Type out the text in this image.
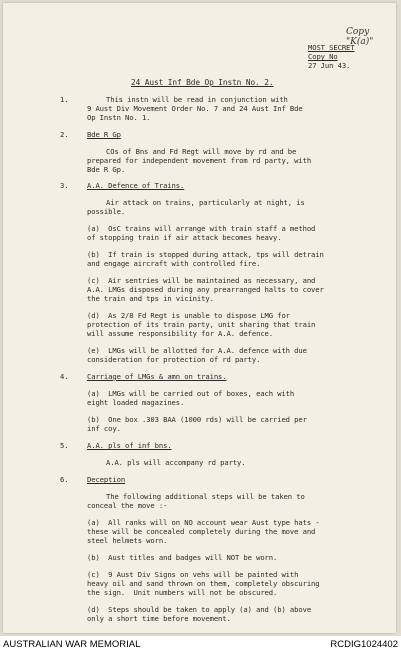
Copy "K(a)"
MOST SECRET
Copy No
27 Jun 43.
24 Aust Inf Bde Op Instn No. 2.
1.	This instn will be read in conjunction with
9 Aust Div Movement Order No. 7 and 24 Aust Inf Bde
Op Instn No. 1.
2.	Bde R Gp
COs of Bns and Fd Regt will move by rd and be
prepared for independent movement from rd party, with
Bde R Gp.
3.	A.A. Defence of Trains.
Air attack on trains, particularly at night, is
possible.
(a)  OsC trains will arrange with train staff a method
of stopping train if air attack becomes heavy.
(b)  If train is stopped during attack, tps will detrain
and engage aircraft with controlled fire.
(c)  Air sentries will be maintained as necessary, and
A.A. LMGs disposed during any prearranged halts to cover
the train and tps in vicinity.
(d)  As 2/8 Fd Regt is unable to dispose LMG for
protection of its train party, unit sharing that train
will assume responsibility for A.A. defence.
(e)  LMGs will be allotted for A.A. defence with due
consideration for protection of rd party.
4.	Carriage of LMGs & amn on trains.
(a)  LMGs will be carried out of boxes, each with
eight loaded magazines.
(b)  One box .303 BAA (1000 rds) will be carried per
inf coy.
5.	A.A. pls of inf bns.
A.A. pls will accompany rd party.
6.	Deception
The following additional steps will be taken to
conceal the move :-
(a)  All ranks will on NO account wear Aust type hats -
these will be concealed completely during the move and
steel helmets worn.
(b)  Aust titles and badges will NOT be worn.
(c)  9 Aust Div Signs on vehs will be painted with
heavy oil and sand thrown on them, completely obscuring
the sign.  Unit numbers will not be obscured.
(d)  Steps should be taken to apply (a) and (b) above
only a short time before movement.
AUSTRALIAN WAR MEMORIAL	RCDIG1024402
